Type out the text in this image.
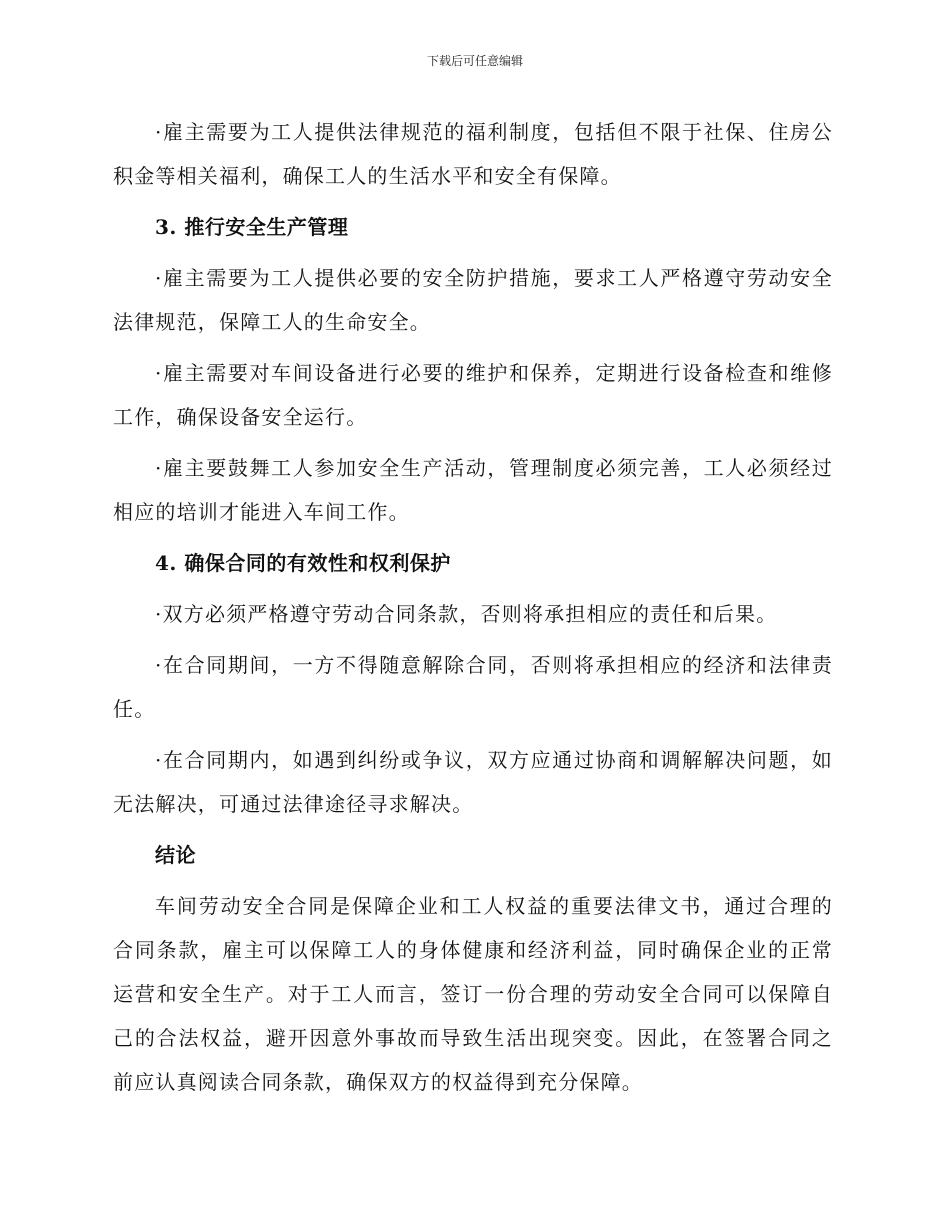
下载后可任意编辑

·雇主需要为工人提供法律规范的福利制度，包括但不限于社保、住房公积金等相关福利，确保工人的生活水平和安全有保障。

3. 推行安全生产管理

·雇主需要为工人提供必要的安全防护措施，要求工人严格遵守劳动安全法律规范，保障工人的生命安全。

·雇主需要对车间设备进行必要的维护和保养，定期进行设备检查和维修工作，确保设备安全运行。

·雇主要鼓舞工人参加安全生产活动，管理制度必须完善，工人必须经过相应的培训才能进入车间工作。

4. 确保合同的有效性和权利保护

·双方必须严格遵守劳动合同条款，否则将承担相应的责任和后果。

·在合同期间，一方不得随意解除合同，否则将承担相应的经济和法律责任。

·在合同期内，如遇到纠纷或争议，双方应通过协商和调解解决问题，如无法解决，可通过法律途径寻求解决。

结论

车间劳动安全合同是保障企业和工人权益的重要法律文书，通过合理的合同条款，雇主可以保障工人的身体健康和经济利益，同时确保企业的正常运营和安全生产。对于工人而言，签订一份合理的劳动安全合同可以保障自己的合法权益，避开因意外事故而导致生活出现突变。因此，在签署合同之前应认真阅读合同条款，确保双方的权益得到充分保障。
